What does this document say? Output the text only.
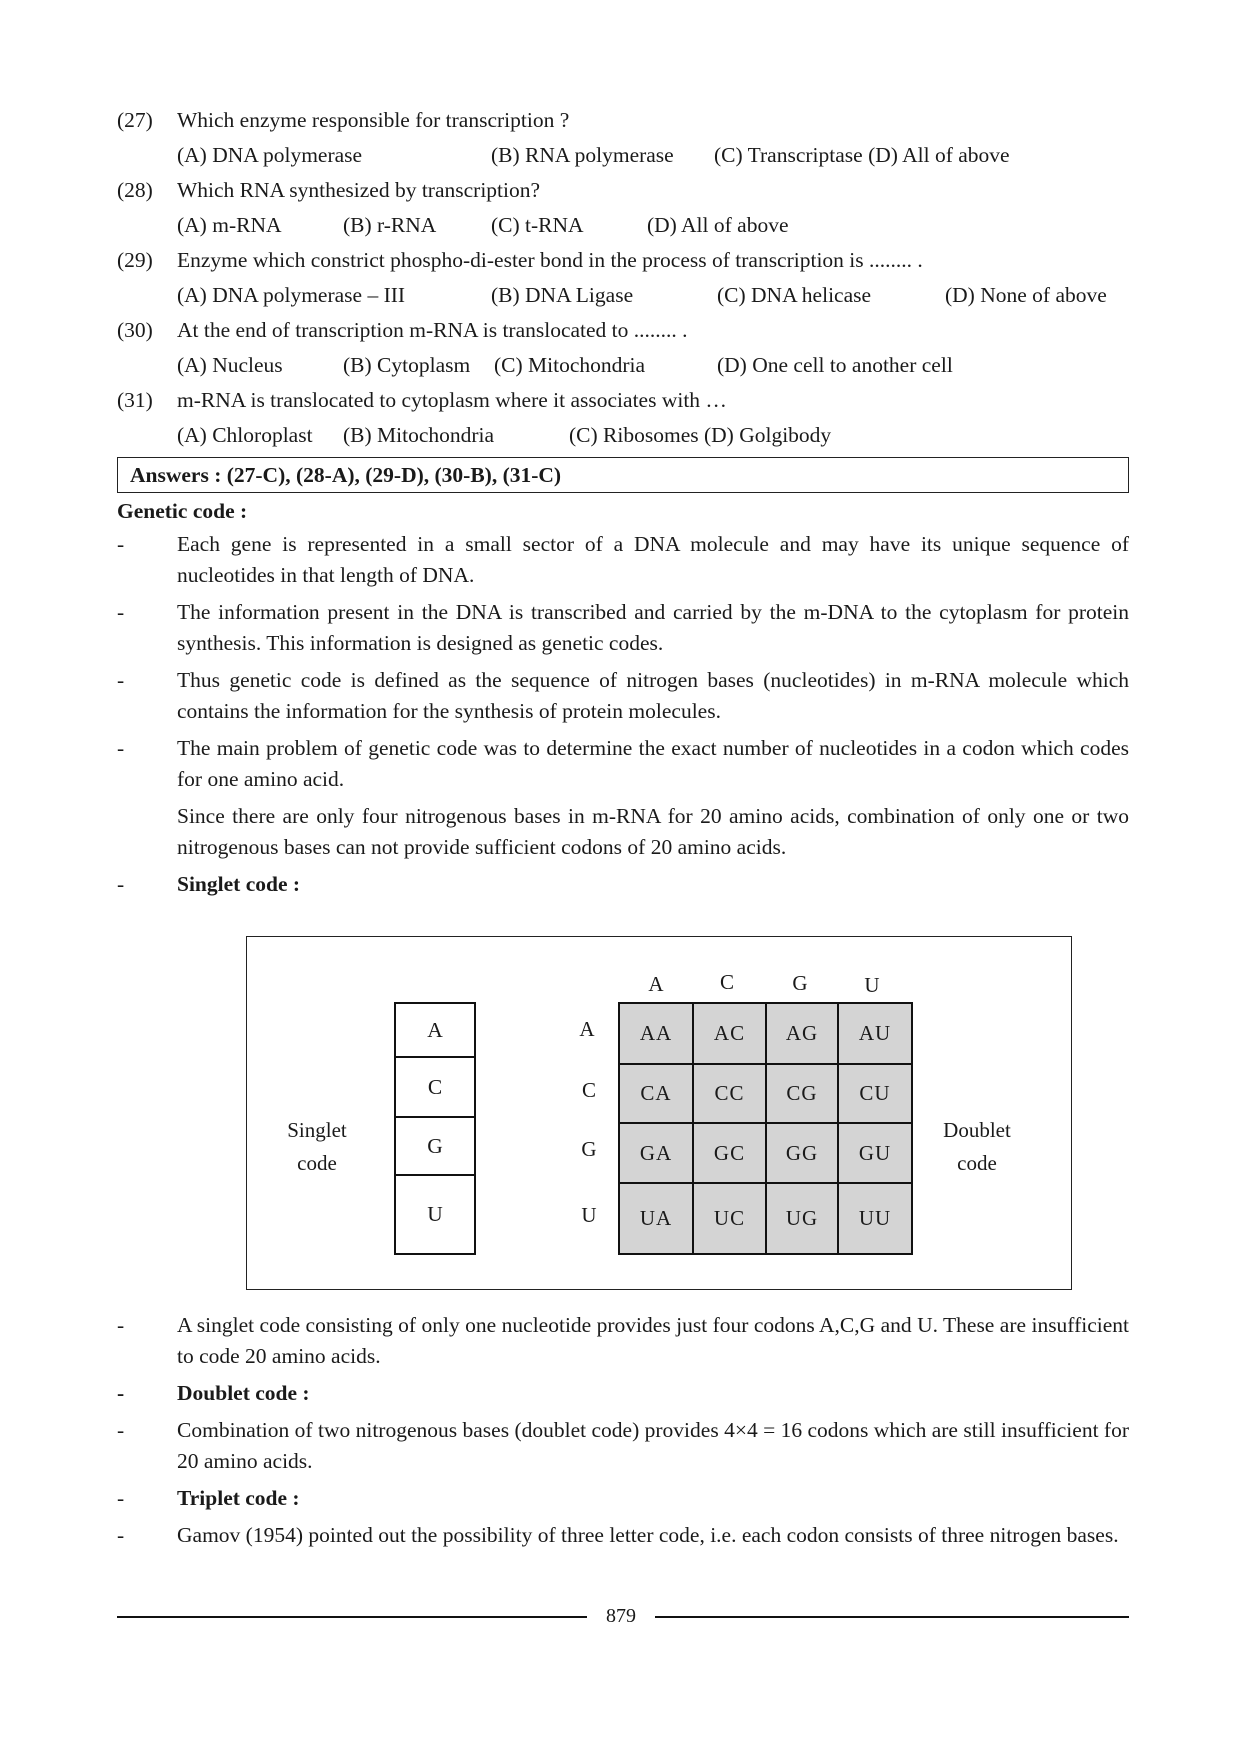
(27)	Which enzyme responsible for transcription ?
(A) DNA polymerase	(B) RNA polymerase (C) Transcriptase (D) All of above
(28)	Which RNA synthesized by transcription?
(A) m-RNA	(B) r-RNA	(C) t-RNA	(D) All of above
(29)	Enzyme which constrict phospho-di-ester bond in the process of transcription is ........ .
(A) DNA polymerase – III	(B) DNA Ligase	(C) DNA helicase	(D) None of above
(30)	At the end of transcription m-RNA is translocated to ........ .
(A) Nucleus	(B) Cytoplasm (C) Mitochondria	(D) One cell to another cell
(31)	m-RNA is translocated to cytoplasm where it associates with …
(A) Chloroplast (B) Mitochondria	(C) Ribosomes (D) Golgibody
Answers : (27-C), (28-A), (29-D), (30-B), (31-C)
Genetic code :
-	Each gene is represented in a small sector of a DNA molecule and may have its unique sequence of nucleotides in that length of DNA.
-	The information present in the DNA is transcribed and carried by the m-DNA to the cytoplasm for protein synthesis. This information is designed as genetic codes.
-	Thus genetic code is defined as the sequence of nitrogen bases (nucleotides) in m-RNA molecule which contains the information for the synthesis of protein molecules.
-	The main problem of genetic code was to determine the exact number of nucleotides in a codon which codes for one amino acid.
Since there are only four nitrogenous bases in m-RNA for 20 amino acids, combination of only one or two nitrogenous bases can not provide sufficient codons of 20 amino acids.
-	Singlet code :
Singlet
code
A
C
G
U
A	C	G	U
A
C
G
U
AA	AC	AG	AU
CA	CC	CG	CU
GA	GC	GG	GU
UA	UC	UG	UU
Doublet
code
-	A singlet code consisting of only one nucleotide provides just four codons A,C,G and U. These are insufficient to code 20 amino acids.
-	Doublet code :
-	Combination of two nitrogenous bases (doublet code) provides 4×4 = 16 codons which are still insufficient for 20 amino acids.
-	Triplet code :
-	Gamov (1954) pointed out the possibility of three letter code, i.e. each codon consists of three nitrogen bases.
879
